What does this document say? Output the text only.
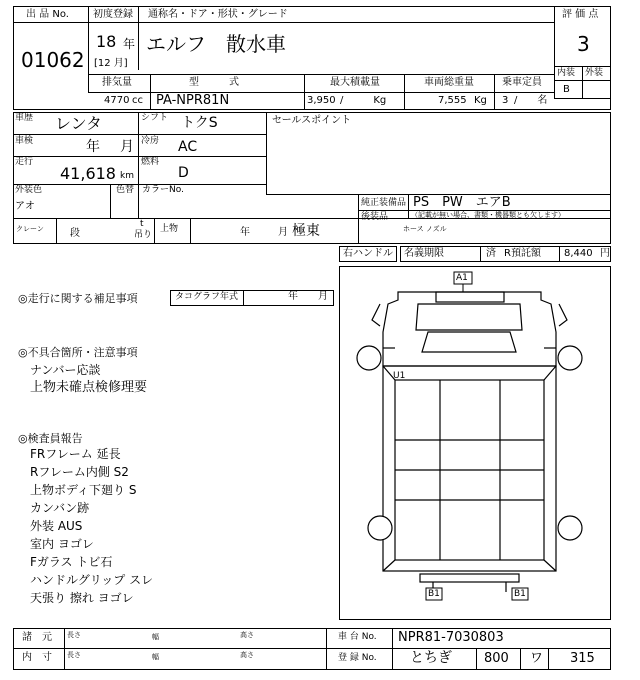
出 品 No.
01062
初度登録 通称名・ドア・形状・グレード
18 年
[12 月]
エルフ　散水車
評 価 点
3
内装 外装
B
排気量	型　　　式	最大積載量	車両総重量	乗車定員
4770 cc PA-NPR81N	3,950 /　　　Kg	7,555 Kg 3 /　　名
車歴 レンタ	シフト トクS
車検	年 月 冷房 AC
走行
41,618 km
燃料
D
外装色
アオ
色替 カラーNo.
セールスポイント
純正装備品 PS　PW　エアB
後装品	（記載が無い場合、書類・機器類とも欠します）
クレーン	段
t
吊り
上物	年	月 極東	ホース ノズル
右ハンドル 名義期限	済 R預託額 8,440 円
◎走行に関する補足事項	タコグラフ年式	年 月
◎不具合箇所・注意事項
ナンバー応談
上物未確点検修理要
◎検査員報告
FRフレーム 延長
Rフレーム内側 S2
上物ボディ下廻り S
カンバン跡
外装 AUS
室内 ヨゴレ
Fガラス トビ石
ハンドルグリップ スレ
天張り 擦れ ヨゴレ
A1
U1
B1	B1
諸　元 長さ	幅	高さ
内　寸 長さ	幅	高さ
車 台 No. NPR81-7030803
登 録 No. とちぎ 800 ワ 315
